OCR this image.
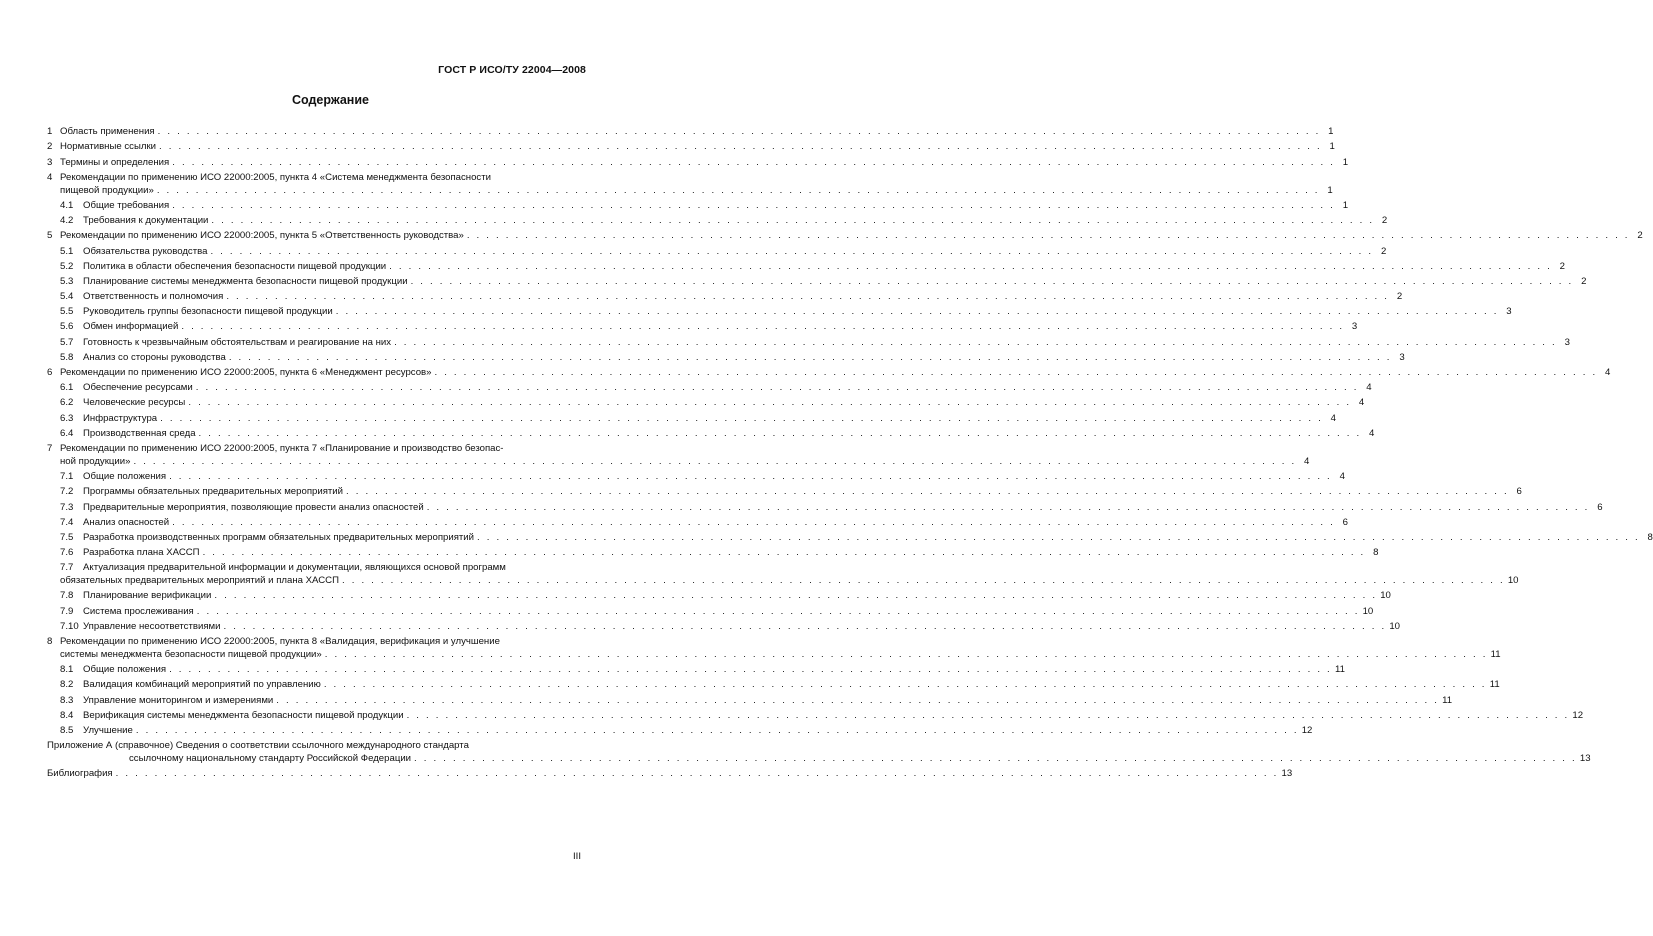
ГОСТ Р ИСО/ТУ 22004—2008
Содержание
1 Область применения . . . . . . . . . . . . . . . . . . . . . . . . . . . . . . . . . . . . . . . . . . . . . . . . . . . . . . . . . . . . . . . . . . . . . . . . . . . . . . . . . . . . . . . . . . . . . . . . . . . . . . . . . . . . . . . . . . . . . . . . 1
2 Нормативные ссылки . . . . . . . . . . . . . . . . . . . . . . . . . . . . . . . . . . . . . . . . . . . . . . . . . . . . . . . . . . . . . . . . . . . . . . . . . . . . . . . . . . . . . . . . . . . . . . . . . . . . . . . . . . . . . . . . . . . . . . . . 1
3 Термины и определения . . . . . . . . . . . . . . . . . . . . . . . . . . . . . . . . . . . . . . . . . . . . . . . . . . . . . . . . . . . . . . . . . . . . . . . . . . . . . . . . . . . . . . . . . . . . . . . . . . . . . . . . . . . . . . . . . . . . . . . . 1
4 Рекомендации по применению ИСО 22000:2005, пункта 4 «Система менеджмента безопасности
пищевой продукции» . . . . . . . . . . . . . . . . . . . . . . . . . . . . . . . . . . . . . . . . . . . . . . . . . . . . . . . . . . . . . . . . . . . . . . . . . . . . . . . . . . . . . . . . . . . . . . . . . . . . . . . . . . . . . . . . . . . . . . . . 1
4.1	Общие требования . . . . . . . . . . . . . . . . . . . . . . . . . . . . . . . . . . . . . . . . . . . . . . . . . . . . . . . . . . . . . . . . . . . . . . . . . . . . . . . . . . . . . . . . . . . . . . . . . . . . . . . . . . . . . . . . . . . . . . . . 1
4.2	Требования к документации . . . . . . . . . . . . . . . . . . . . . . . . . . . . . . . . . . . . . . . . . . . . . . . . . . . . . . . . . . . . . . . . . . . . . . . . . . . . . . . . . . . . . . . . . . . . . . . . . . . . . . . . . . . . . . . . . . . . . . . . 2
5 Рекомендации по применению ИСО 22000:2005, пункта 5 «Ответственность руководства» . . . . . . . . . . . . . . . . . . . . . . . . . . . . . . . . . . . . . . . . . . . . . . . . . . . . . . . . . . . . . . . . . . . . . . . . . . . . . . . . . . . . . . . . . . . . . . . . . . . . . . . . . . . . . . . . . . . . . . . . 2
5.1	Обязательства руководства . . . . . . . . . . . . . . . . . . . . . . . . . . . . . . . . . . . . . . . . . . . . . . . . . . . . . . . . . . . . . . . . . . . . . . . . . . . . . . . . . . . . . . . . . . . . . . . . . . . . . . . . . . . . . . . . . . . . . . . . 2
5.2	Политика в области обеспечения безопасности пищевой продукции . . . . . . . . . . . . . . . . . . . . . . . . . . . . . . . . . . . . . . . . . . . . . . . . . . . . . . . . . . . . . . . . . . . . . . . . . . . . . . . . . . . . . . . . . . . . . . . . . . . . . . . . . . . . . . . . . . . . . . . . 2
5.3	Планирование системы менеджмента безопасности пищевой продукции . . . . . . . . . . . . . . . . . . . . . . . . . . . . . . . . . . . . . . . . . . . . . . . . . . . . . . . . . . . . . . . . . . . . . . . . . . . . . . . . . . . . . . . . . . . . . . . . . . . . . . . . . . . . . . . . . . . . . . . . 2
5.4	Ответственность и полномочия . . . . . . . . . . . . . . . . . . . . . . . . . . . . . . . . . . . . . . . . . . . . . . . . . . . . . . . . . . . . . . . . . . . . . . . . . . . . . . . . . . . . . . . . . . . . . . . . . . . . . . . . . . . . . . . . . . . . . . . . 2
5.5	Руководитель группы безопасности пищевой продукции . . . . . . . . . . . . . . . . . . . . . . . . . . . . . . . . . . . . . . . . . . . . . . . . . . . . . . . . . . . . . . . . . . . . . . . . . . . . . . . . . . . . . . . . . . . . . . . . . . . . . . . . . . . . . . . . . . . . . . . . 3
5.6	Обмен информацией . . . . . . . . . . . . . . . . . . . . . . . . . . . . . . . . . . . . . . . . . . . . . . . . . . . . . . . . . . . . . . . . . . . . . . . . . . . . . . . . . . . . . . . . . . . . . . . . . . . . . . . . . . . . . . . . . . . . . . . . 3
5.7	Готовность к чрезвычайным обстоятельствам и реагирование на них . . . . . . . . . . . . . . . . . . . . . . . . . . . . . . . . . . . . . . . . . . . . . . . . . . . . . . . . . . . . . . . . . . . . . . . . . . . . . . . . . . . . . . . . . . . . . . . . . . . . . . . . . . . . . . . . . . . . . . . . 3
5.8	Анализ со стороны руководства . . . . . . . . . . . . . . . . . . . . . . . . . . . . . . . . . . . . . . . . . . . . . . . . . . . . . . . . . . . . . . . . . . . . . . . . . . . . . . . . . . . . . . . . . . . . . . . . . . . . . . . . . . . . . . . . . . . . . . . . 3
6 Рекомендации по применению ИСО 22000:2005, пункта 6 «Менеджмент ресурсов» . . . . . . . . . . . . . . . . . . . . . . . . . . . . . . . . . . . . . . . . . . . . . . . . . . . . . . . . . . . . . . . . . . . . . . . . . . . . . . . . . . . . . . . . . . . . . . . . . . . . . . . . . . . . . . . . . . . . . . . . 4
6.1	Обеспечение ресурсами . . . . . . . . . . . . . . . . . . . . . . . . . . . . . . . . . . . . . . . . . . . . . . . . . . . . . . . . . . . . . . . . . . . . . . . . . . . . . . . . . . . . . . . . . . . . . . . . . . . . . . . . . . . . . . . . . . . . . . . . 4
6.2	Человеческие ресурсы . . . . . . . . . . . . . . . . . . . . . . . . . . . . . . . . . . . . . . . . . . . . . . . . . . . . . . . . . . . . . . . . . . . . . . . . . . . . . . . . . . . . . . . . . . . . . . . . . . . . . . . . . . . . . . . . . . . . . . . . 4
6.3	Инфраструктура . . . . . . . . . . . . . . . . . . . . . . . . . . . . . . . . . . . . . . . . . . . . . . . . . . . . . . . . . . . . . . . . . . . . . . . . . . . . . . . . . . . . . . . . . . . . . . . . . . . . . . . . . . . . . . . . . . . . . . . . 4
6.4	Производственная среда . . . . . . . . . . . . . . . . . . . . . . . . . . . . . . . . . . . . . . . . . . . . . . . . . . . . . . . . . . . . . . . . . . . . . . . . . . . . . . . . . . . . . . . . . . . . . . . . . . . . . . . . . . . . . . . . . . . . . . . . 4
7 Рекомендации по применению ИСО 22000:2005, пункта 7 «Планирование и производство безопас-
ной продукции» . . . . . . . . . . . . . . . . . . . . . . . . . . . . . . . . . . . . . . . . . . . . . . . . . . . . . . . . . . . . . . . . . . . . . . . . . . . . . . . . . . . . . . . . . . . . . . . . . . . . . . . . . . . . . . . . . . . . . . . . 4
7.1	Общие положения . . . . . . . . . . . . . . . . . . . . . . . . . . . . . . . . . . . . . . . . . . . . . . . . . . . . . . . . . . . . . . . . . . . . . . . . . . . . . . . . . . . . . . . . . . . . . . . . . . . . . . . . . . . . . . . . . . . . . . . . 4
7.2	Программы обязательных предварительных мероприятий . . . . . . . . . . . . . . . . . . . . . . . . . . . . . . . . . . . . . . . . . . . . . . . . . . . . . . . . . . . . . . . . . . . . . . . . . . . . . . . . . . . . . . . . . . . . . . . . . . . . . . . . . . . . . . . . . . . . . . . . 6
7.3	Предварительные мероприятия, позволяющие провести анализ опасностей . . . . . . . . . . . . . . . . . . . . . . . . . . . . . . . . . . . . . . . . . . . . . . . . . . . . . . . . . . . . . . . . . . . . . . . . . . . . . . . . . . . . . . . . . . . . . . . . . . . . . . . . . . . . . . . . . . . . . . . . 6
7.4	Анализ опасностей . . . . . . . . . . . . . . . . . . . . . . . . . . . . . . . . . . . . . . . . . . . . . . . . . . . . . . . . . . . . . . . . . . . . . . . . . . . . . . . . . . . . . . . . . . . . . . . . . . . . . . . . . . . . . . . . . . . . . . . . 6
7.5	Разработка производственных программ обязательных предварительных мероприятий . . . . . . . . . . . . . . . . . . . . . . . . . . . . . . . . . . . . . . . . . . . . . . . . . . . . . . . . . . . . . . . . . . . . . . . . . . . . . . . . . . . . . . . . . . . . . . . . . . . . . . . . . . . . . . . . . . . . . . . . 8
7.6	Разработка плана ХАССП . . . . . . . . . . . . . . . . . . . . . . . . . . . . . . . . . . . . . . . . . . . . . . . . . . . . . . . . . . . . . . . . . . . . . . . . . . . . . . . . . . . . . . . . . . . . . . . . . . . . . . . . . . . . . . . . . . . . . . . . 8
7.7	Актуализация предварительной информации и документации, являющихся основой программ
обязательных предварительных мероприятий и плана ХАССП . . . . . . . . . . . . . . . . . . . . . . . . . . . . . . . . . . . . . . . . . . . . . . . . . . . . . . . . . . . . . . . . . . . . . . . . . . . . . . . . . . . . . . . . . . . . . . . . . . . . . . . . . . . . . . . . . . . . . . . . 10
7.8	Планирование верификации . . . . . . . . . . . . . . . . . . . . . . . . . . . . . . . . . . . . . . . . . . . . . . . . . . . . . . . . . . . . . . . . . . . . . . . . . . . . . . . . . . . . . . . . . . . . . . . . . . . . . . . . . . . . . . . . . . . . . . . . 10
7.9	Система прослеживания . . . . . . . . . . . . . . . . . . . . . . . . . . . . . . . . . . . . . . . . . . . . . . . . . . . . . . . . . . . . . . . . . . . . . . . . . . . . . . . . . . . . . . . . . . . . . . . . . . . . . . . . . . . . . . . . . . . . . . . . 10
7.10 Управление несоответствиями . . . . . . . . . . . . . . . . . . . . . . . . . . . . . . . . . . . . . . . . . . . . . . . . . . . . . . . . . . . . . . . . . . . . . . . . . . . . . . . . . . . . . . . . . . . . . . . . . . . . . . . . . . . . . . . . . . . . . . . . 10
8 Рекомендации по применению ИСО 22000:2005, пункта 8 «Валидация, верификация и улучшение
системы менеджмента безопасности пищевой продукции» . . . . . . . . . . . . . . . . . . . . . . . . . . . . . . . . . . . . . . . . . . . . . . . . . . . . . . . . . . . . . . . . . . . . . . . . . . . . . . . . . . . . . . . . . . . . . . . . . . . . . . . . . . . . . . . . . . . . . . . . 11
8.1	Общие положения . . . . . . . . . . . . . . . . . . . . . . . . . . . . . . . . . . . . . . . . . . . . . . . . . . . . . . . . . . . . . . . . . . . . . . . . . . . . . . . . . . . . . . . . . . . . . . . . . . . . . . . . . . . . . . . . . . . . . . . . 11
8.2	Валидация комбинаций мероприятий по управлению . . . . . . . . . . . . . . . . . . . . . . . . . . . . . . . . . . . . . . . . . . . . . . . . . . . . . . . . . . . . . . . . . . . . . . . . . . . . . . . . . . . . . . . . . . . . . . . . . . . . . . . . . . . . . . . . . . . . . . . . 11
8.3	Управление мониторингом и измерениями . . . . . . . . . . . . . . . . . . . . . . . . . . . . . . . . . . . . . . . . . . . . . . . . . . . . . . . . . . . . . . . . . . . . . . . . . . . . . . . . . . . . . . . . . . . . . . . . . . . . . . . . . . . . . . . . . . . . . . . . 11
8.4	Верификация системы менеджмента безопасности пищевой продукции . . . . . . . . . . . . . . . . . . . . . . . . . . . . . . . . . . . . . . . . . . . . . . . . . . . . . . . . . . . . . . . . . . . . . . . . . . . . . . . . . . . . . . . . . . . . . . . . . . . . . . . . . . . . . . . . . . . . . . . . 12
8.5	Улучшение . . . . . . . . . . . . . . . . . . . . . . . . . . . . . . . . . . . . . . . . . . . . . . . . . . . . . . . . . . . . . . . . . . . . . . . . . . . . . . . . . . . . . . . . . . . . . . . . . . . . . . . . . . . . . . . . . . . . . . . . 12
Приложение А (справочное) Сведения о соответствии ссылочного международного стандарта
ссылочному национальному стандарту Российской Федерации . . . . . . . . . . . . . . . . . . . . . . . . . . . . . . . . . . . . . . . . . . . . . . . . . . . . . . . . . . . . . . . . . . . . . . . . . . . . . . . . . . . . . . . . . . . . . . . . . . . . . . . . . . . . . . . . . . . . . . . . 13
Библиография . . . . . . . . . . . . . . . . . . . . . . . . . . . . . . . . . . . . . . . . . . . . . . . . . . . . . . . . . . . . . . . . . . . . . . . . . . . . . . . . . . . . . . . . . . . . . . . . . . . . . . . . . . . . . . . . . . . . . . . . 13
III
